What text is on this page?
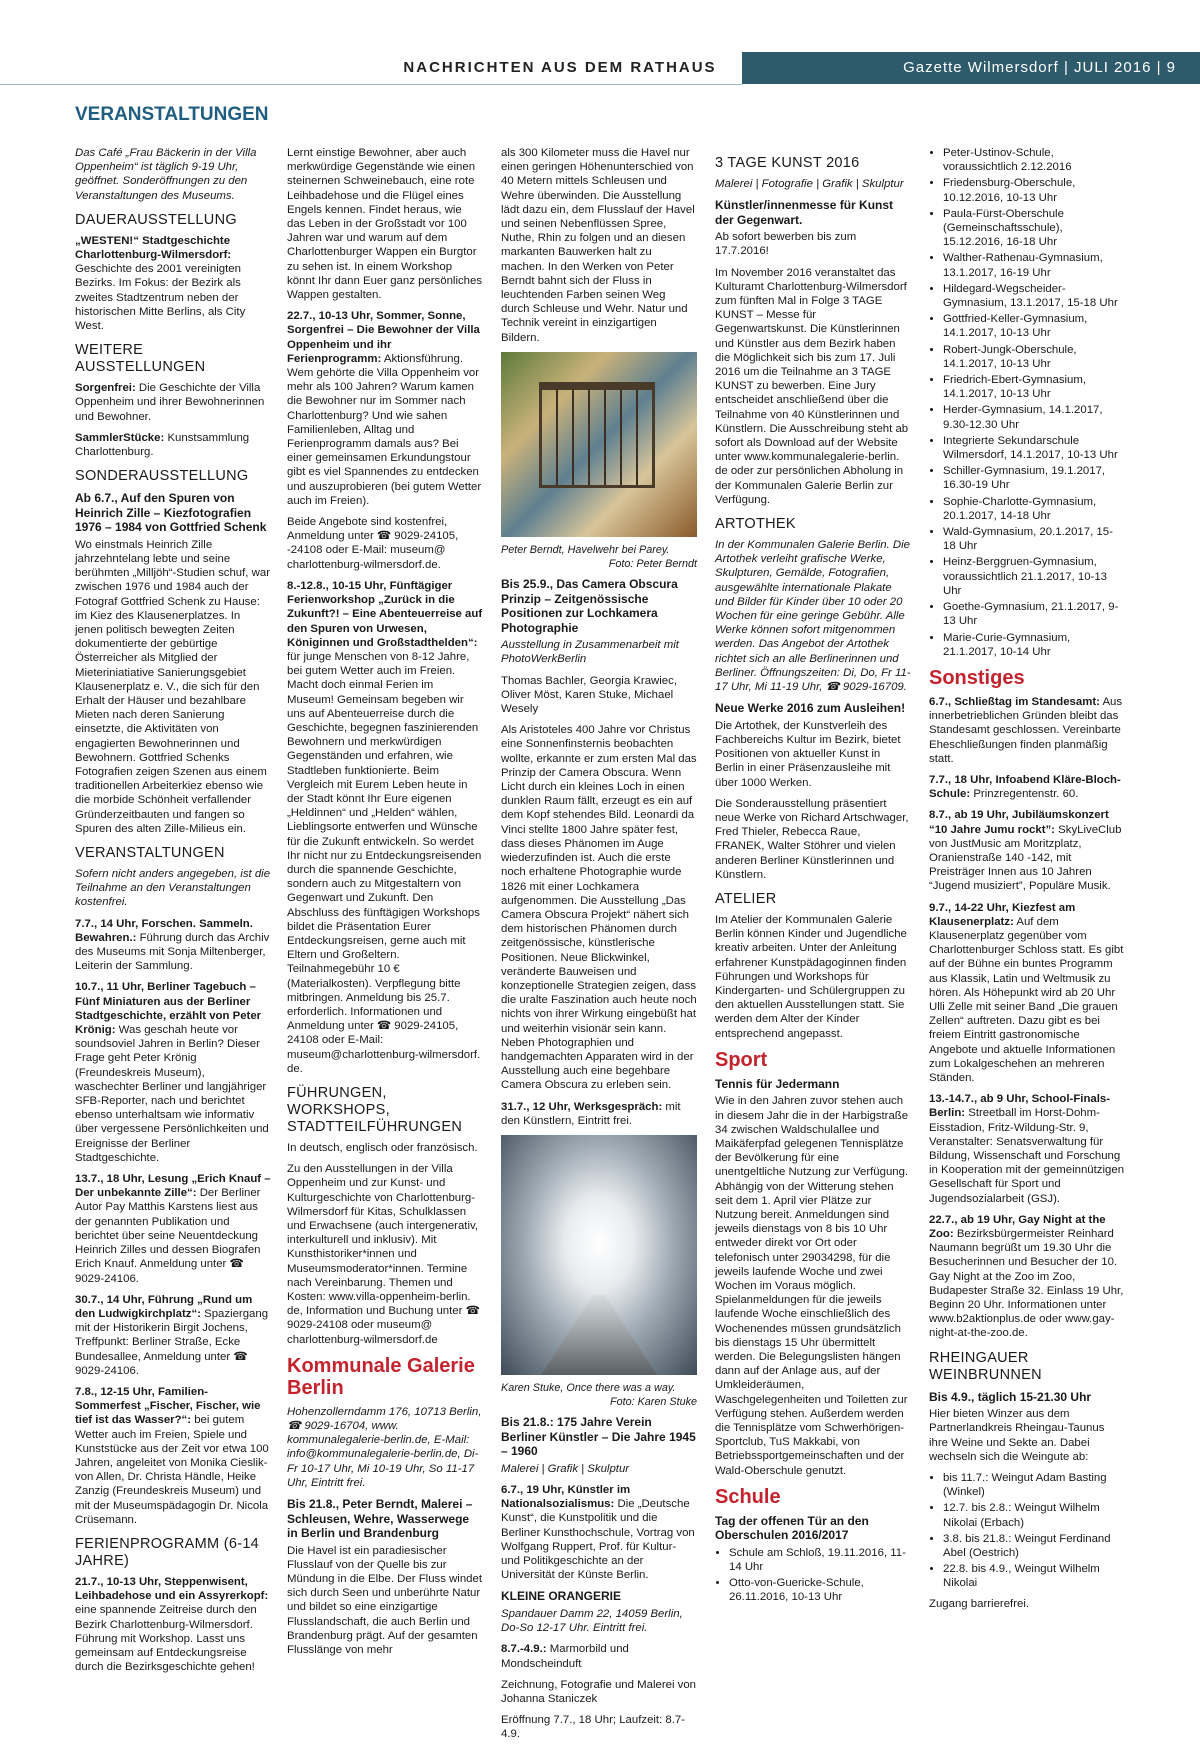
NACHRICHTEN AUS DEM RATHAUS	Gazette Wilmersdorf | JULI 2016 | 9
VERANSTALTUNGEN

Das Café „Frau Bäckerin in der Villa Oppenheim“ ist täglich 9-19 Uhr, geöffnet. Sonderöffnungen zu den Veranstaltungen des Museums.

DAUERAUSSTELLUNG

„WESTEN!“ Stadtgeschichte Charlottenburg-Wilmersdorf: Geschichte des 2001 vereinigten Bezirks. Im Fokus: der Bezirk als zweites Stadtzentrum neben der historischen Mitte Berlins, als City West.

WEITERE AUSSTELLUNGEN

Sorgenfrei: Die Geschichte der Villa Oppenheim und ihrer Bewohnerinnen und Bewohner.

SammlerStücke: Kunstsammlung Charlottenburg.

SONDERAUSSTELLUNG
Ab 6.7., Auf den Spuren von Heinrich Zille – Kiezfotografien 1976 – 1984 von Gottfried Schenk

Wo einstmals Heinrich Zille jahrzehntelang lebte und seine berühmten „Milljöh“-Studien schuf, war zwischen 1976 und 1984 auch der Fotograf Gottfried Schenk zu Hause: im Kiez des Klausenerplatzes. In jenen politisch bewegten Zeiten dokumentierte der gebürtige Österreicher als Mitglied der Mieteriniatiative Sanierungsgebiet Klausenerplatz e. V., die sich für den Erhalt der Häuser und bezahlbare Mieten nach deren Sanierung einsetzte, die Aktivitäten von engagierten Bewohnerinnen und Bewohnern. Gottfried Schenks Fotografien zeigen Szenen aus einem traditionellen Arbeiterkiez ebenso wie die morbide Schönheit verfallender Gründerzeitbauten und fangen so Spuren des alten Zille-Milieus ein.

VERANSTALTUNGEN

Sofern nicht anders angegeben, ist die Teilnahme an den Veranstaltungen kostenfrei.

7.7., 14 Uhr, Forschen. Sammeln. Bewahren.: Führung durch das Archiv des Museums mit Sonja Miltenberger, Leiterin der Sammlung.

10.7., 11 Uhr, Berliner Tagebuch – Fünf Miniaturen aus der Berliner Stadtgeschichte, erzählt von Peter Krönig: Was geschah heute vor soundsoviel Jahren in Berlin? Dieser Frage geht Peter Krönig (Freundeskreis Museum), waschechter Berliner und langjähriger SFB-Reporter, nach und berichtet ebenso unterhaltsam wie informativ über vergessene Persönlichkeiten und Ereignisse der Berliner Stadtgeschichte.

13.7., 18 Uhr, Lesung „Erich Knauf – Der unbekannte Zille“: Der Berliner Autor Pay Matthis Karstens liest aus der genannten Publikation und berichtet über seine Neuentdeckung Heinrich Zilles und dessen Biografen Erich Knauf. Anmeldung unter ☎ 9029-24106.

30.7., 14 Uhr, Führung „Rund um den Ludwigkirchplatz“: Spaziergang mit der Historikerin Birgit Jochens, Treffpunkt: Berliner Straße, Ecke Bundesallee, Anmeldung unter ☎ 9029-24106.

7.8., 12-15 Uhr, Familien-Sommerfest „Fischer, Fischer, wie tief ist das Wasser?“: bei gutem Wetter auch im Freien, Spiele und Kunststücke aus der Zeit vor etwa 100 Jahren, angeleitet von Monika Cieslik-von Allen, Dr. Christa Händle, Heike Zanzig (Freundeskreis Museum) und mit der Museumspädagogin Dr. Nicola Crüsemann.

FERIENPROGRAMM (6-14 JAHRE)

21.7., 10-13 Uhr, Steppenwisent, Leihbadehose und ein Assyrerkopf: eine spannende Zeitreise durch den Bezirk Charlottenburg-Wilmersdorf. Führung mit Workshop. Lasst uns gemeinsam auf Entdeckungsreise durch die Bezirksgeschichte gehen!

Lernt einstige Bewohner, aber auch merkwürdige Gegenstände wie einen steinernen Schweinebauch, eine rote Leihbadehose und die Flügel eines Engels kennen. Findet heraus, wie das Leben in der Großstadt vor 100 Jahren war und warum auf dem Charlottenburger Wappen ein Burgtor zu sehen ist. In einem Workshop könnt Ihr dann Euer ganz persönliches Wappen gestalten.

22.7., 10-13 Uhr, Sommer, Sonne, Sorgenfrei – Die Bewohner der Villa Oppenheim und ihr Ferienprogramm: Aktionsführung. Wem gehörte die Villa Oppenheim vor mehr als 100 Jahren? Warum kamen die Bewohner nur im Sommer nach Charlottenburg? Und wie sahen Familienleben, Alltag und Ferienprogramm damals aus? Bei einer gemeinsamen Erkundungstour gibt es viel Spannendes zu entdecken und auszuprobieren (bei gutem Wetter auch im Freien).

Beide Angebote sind kostenfrei, Anmeldung unter ☎ 9029-24105, -24108 oder E-Mail: museum@ charlottenburg-wilmersdorf.de.

8.-12.8., 10-15 Uhr, Fünftägiger Ferienworkshop „Zurück in die Zukunft?! – Eine Abenteuerreise auf den Spuren von Urwesen, Königinnen und Großstadthelden“: für junge Menschen von 8-12 Jahre, bei gutem Wetter auch im Freien. Macht doch einmal Ferien im Museum! Gemeinsam begeben wir uns auf Abenteuerreise durch die Geschichte, begegnen faszinierenden Bewohnern und merkwürdigen Gegenständen und erfahren, wie Stadtleben funktionierte. Beim Vergleich mit Eurem Leben heute in der Stadt könnt Ihr Eure eigenen „Heldinnen“ und „Helden“ wählen, Lieblingsorte entwerfen und Wünsche für die Zukunft entwickeln. So werdet Ihr nicht nur zu Entdeckungsreisenden durch die spannende Geschichte, sondern auch zu Mitgestaltern von Gegenwart und Zukunft. Den Abschluss des fünftägigen Workshops bildet die Präsentation Eurer Entdeckungsreisen, gerne auch mit Eltern und Großeltern. Teilnahmegebühr 10 € (Materialkosten). Verpflegung bitte mitbringen. Anmeldung bis 25.7. erforderlich. Informationen und Anmeldung unter ☎ 9029-24105, 24108 oder E-Mail: museum@charlottenburg-wilmersdorf. de.

FÜHRUNGEN, WORKSHOPS, STADTTEILFÜHRUNGEN

In deutsch, englisch oder französisch.

Zu den Ausstellungen in der Villa Oppenheim und zur Kunst- und Kulturgeschichte von Charlottenburg-Wilmersdorf für Kitas, Schulklassen und Erwachsene (auch intergenerativ, interkulturell und inklusiv). Mit Kunsthistoriker*innen und Museumsmoderator*innen. Termine nach Vereinbarung. Themen und Kosten: www.villa-oppenheim-berlin. de, Information und Buchung unter ☎ 9029-24108 oder museum@ charlottenburg-wilmersdorf.de

Kommunale Galerie Berlin

Hohenzollerndamm 176, 10713 Berlin, ☎ 9029-16704, www. kommunalegalerie-berlin.de, E-Mail: info@kommunalegalerie-berlin.de, Di-Fr 10-17 Uhr, Mi 10-19 Uhr, So 11-17 Uhr, Eintritt frei.

Bis 21.8., Peter Berndt, Malerei – Schleusen, Wehre, Wasserwege in Berlin und Brandenburg

Die Havel ist ein paradiesischer Flusslauf von der Quelle bis zur Mündung in die Elbe. Der Fluss windet sich durch Seen und unberührte Natur und bildet so eine einzigartige Flusslandschaft, die auch Berlin und Brandenburg prägt. Auf der gesamten Flusslänge von mehr

als 300 Kilometer muss die Havel nur einen geringen Höhenunterschied von 40 Metern mittels Schleusen und Wehre überwinden. Die Ausstellung lädt dazu ein, dem Flusslauf der Havel und seinen Nebenflüssen Spree, Nuthe, Rhin zu folgen und an diesen markanten Bauwerken halt zu machen. In den Werken von Peter Berndt bahnt sich der Fluss in leuchtenden Farben seinen Weg durch Schleuse und Wehr. Natur und Technik vereint in einzigartigen Bildern.

Peter Berndt, Havelwehr bei Parey.
Foto: Peter Berndt
Bis 25.9., Das Camera Obscura Prinzip – Zeitgenössische Positionen zur Lochkamera Photographie

Ausstellung in Zusammenarbeit mit PhotoWerkBerlin

Thomas Bachler, Georgia Krawiec, Oliver Möst, Karen Stuke, Michael Wesely

Als Aristoteles 400 Jahre vor Christus eine Sonnenfinsternis beobachten wollte, erkannte er zum ersten Mal das Prinzip der Camera Obscura. Wenn Licht durch ein kleines Loch in einen dunklen Raum fällt, erzeugt es ein auf dem Kopf stehendes Bild. Leonardi da Vinci stellte 1800 Jahre später fest, dass dieses Phänomen im Auge wiederzufinden ist. Auch die erste noch erhaltene Photographie wurde 1826 mit einer Lochkamera aufgenommen. Die Ausstellung „Das Camera Obscura Projekt“ nähert sich dem historischen Phänomen durch zeitgenössische, künstlerische Positionen. Neue Blickwinkel, veränderte Bauweisen und konzeptionelle Strategien zeigen, dass die uralte Faszination auch heute noch nichts von ihrer Wirkung eingebüßt hat und weiterhin visionär sein kann. Neben Photographien und handgemachten Apparaten wird in der Ausstellung auch eine begehbare Camera Obscura zu erleben sein.

31.7., 12 Uhr, Werksgespräch: mit den Künstlern, Eintritt frei.

Karen Stuke, Once there was a way.
Foto: Karen Stuke
Bis 21.8.: 175 Jahre Verein Berliner Künstler – Die Jahre 1945 – 1960

Malerei | Grafik | Skulptur

6.7., 19 Uhr, Künstler im Nationalsozialismus: Die „Deutsche Kunst“, die Kunstpolitik und die Berliner Kunsthochschule, Vortrag von Wolfgang Ruppert, Prof. für Kultur- und Politikgeschichte an der Universität der Künste Berlin.

KLEINE ORANGERIE

Spandauer Damm 22, 14059 Berlin, Do-So 12-17 Uhr. Eintritt frei.

8.7.-4.9.: Marmorbild und Mondscheinduft

Zeichnung, Fotografie und Malerei von Johanna Staniczek

Eröffnung 7.7., 18 Uhr; Laufzeit: 8.7-4.9.

3 TAGE KUNST 2016

Malerei | Fotografie | Grafik | Skulptur

Künstler/innenmesse für Kunst der Gegenwart.

Ab sofort bewerben bis zum 17.7.2016!

Im November 2016 veranstaltet das Kulturamt Charlottenburg-Wilmersdorf zum fünften Mal in Folge 3 TAGE KUNST – Messe für Gegenwartskunst. Die Künstlerinnen und Künstler aus dem Bezirk haben die Möglichkeit sich bis zum 17. Juli 2016 um die Teilnahme an 3 TAGE KUNST zu bewerben. Eine Jury entscheidet anschließend über die Teilnahme von 40 Künstlerinnen und Künstlern. Die Ausschreibung steht ab sofort als Download auf der Website unter www.kommunalegalerie-berlin. de oder zur persönlichen Abholung in der Kommunalen Galerie Berlin zur Verfügung.

ARTOTHEK

In der Kommunalen Galerie Berlin. Die Artothek verleiht grafische Werke, Skulpturen, Gemälde, Fotografien, ausgewählte internationale Plakate und Bilder für Kinder über 10 oder 20 Wochen für eine geringe Gebühr. Alle Werke können sofort mitgenommen werden. Das Angebot der Artothek richtet sich an alle Berlinerinnen und Berliner. Öffnungszeiten: Di, Do, Fr 11-17 Uhr, Mi 11-19 Uhr, ☎ 9029-16709.

Neue Werke 2016 zum Ausleihen!

Die Artothek, der Kunstverleih des Fachbereichs Kultur im Bezirk, bietet Positionen von aktueller Kunst in Berlin in einer Präsenzausleihe mit über 1000 Werken.

Die Sonderausstellung präsentiert neue Werke von Richard Artschwager, Fred Thieler, Rebecca Raue, FRANEK, Walter Stöhrer und vielen anderen Berliner Künstlerinnen und Künstlern.

ATELIER

Im Atelier der Kommunalen Galerie Berlin können Kinder und Jugendliche kreativ arbeiten. Unter der Anleitung erfahrener Kunstpädagoginnen finden Führungen und Workshops für Kindergarten- und Schülergruppen zu den aktuellen Ausstellungen statt. Sie werden dem Alter der Kinder entsprechend angepasst.

Sport
Tennis für Jedermann

Wie in den Jahren zuvor stehen auch in diesem Jahr die in der Harbigstraße 34 zwischen Waldschulallee und Maikäferpfad gelegenen Tennisplätze der Bevölkerung für eine unentgeltliche Nutzung zur Verfügung. Abhängig von der Witterung stehen seit dem 1. April vier Plätze zur Nutzung bereit. Anmeldungen sind jeweils dienstags von 8 bis 10 Uhr entweder direkt vor Ort oder telefonisch unter 29034298, für die jeweils laufende Woche und zwei Wochen im Voraus möglich. Spielanmeldungen für die jeweils laufende Woche einschließlich des Wochenendes müssen grundsätzlich bis dienstags 15 Uhr übermittelt werden. Die Belegungslisten hängen dann auf der Anlage aus, auf der Umkleideräumen, Waschgelegenheiten und Toiletten zur Verfügung stehen. Außerdem werden die Tennisplätze vom Schwerhörigen-Sportclub, TuS Makkabi, von Betriebssportgemeinschaften und der Wald-Oberschule genutzt.

Schule
Tag der offenen Tür an den Oberschulen 2016/2017
• Schule am Schloß, 19.11.2016, 11-14 Uhr
• Otto-von-Guericke-Schule, 26.11.2016, 10-13 Uhr
• Peter-Ustinov-Schule, voraussichtlich 2.12.2016
• Friedensburg-Oberschule, 10.12.2016, 10-13 Uhr
• Paula-Fürst-Oberschule (Gemeinschaftsschule), 15.12.2016, 16-18 Uhr
• Walther-Rathenau-Gymnasium, 13.1.2017, 16-19 Uhr
• Hildegard-Wegscheider-Gymnasium, 13.1.2017, 15-18 Uhr
• Gottfried-Keller-Gymnasium, 14.1.2017, 10-13 Uhr
• Robert-Jungk-Oberschule, 14.1.2017, 10-13 Uhr
• Friedrich-Ebert-Gymnasium, 14.1.2017, 10-13 Uhr
• Herder-Gymnasium, 14.1.2017, 9.30-12.30 Uhr
• Integrierte Sekundarschule Wilmersdorf, 14.1.2017, 10-13 Uhr
• Schiller-Gymnasium, 19.1.2017, 16.30-19 Uhr
• Sophie-Charlotte-Gymnasium, 20.1.2017, 14-18 Uhr
• Wald-Gymnasium, 20.1.2017, 15-18 Uhr
• Heinz-Berggruen-Gymnasium, voraussichtlich 21.1.2017, 10-13 Uhr
• Goethe-Gymnasium, 21.1.2017, 9-13 Uhr
• Marie-Curie-Gymnasium, 21.1.2017, 10-14 Uhr
Sonstiges

6.7., Schließtag im Standesamt: Aus innerbetrieblichen Gründen bleibt das Standesamt geschlossen. Vereinbarte Eheschließungen finden planmäßig statt.

7.7., 18 Uhr, Infoabend Kläre-Bloch-Schule: Prinzregentenstr. 60.

8.7., ab 19 Uhr, Jubiläumskonzert “10 Jahre Jumu rockt”: SkyLiveClub von JustMusic am Moritzplatz, Oranienstraße 140 -142, mit Preisträger Innen aus 10 Jahren “Jugend musiziert”, Populäre Musik.

9.7., 14-22 Uhr, Kiezfest am Klausenerplatz: Auf dem Klausenerplatz gegenüber vom Charlottenburger Schloss statt. Es gibt auf der Bühne ein buntes Programm aus Klassik, Latin und Weltmusik zu hören. Als Höhepunkt wird ab 20 Uhr Ulli Zelle mit seiner Band „Die grauen Zellen“ auftreten. Dazu gibt es bei freiem Eintritt gastronomische Angebote und aktuelle Informationen zum Lokalgeschehen an mehreren Ständen.

13.-14.7., ab 9 Uhr, School-Finals-Berlin: Streetball im Horst-Dohm-Eisstadion, Fritz-Wildung-Str. 9, Veranstalter: Senatsverwaltung für Bildung, Wissenschaft und Forschung in Kooperation mit der gemeinnützigen Gesellschaft für Sport und Jugendsozialarbeit (GSJ).

22.7., ab 19 Uhr, Gay Night at the Zoo: Bezirksbürgermeister Reinhard Naumann begrüßt um 19.30 Uhr die Besucherinnen und Besucher der 10. Gay Night at the Zoo im Zoo, Budapester Straße 32. Einlass 19 Uhr, Beginn 20 Uhr. Informationen unter www.b2aktionplus.de oder www.gay-night-at-the-zoo.de.

RHEINGAUER WEINBRUNNEN
Bis 4.9., täglich 15-21.30 Uhr

Hier bieten Winzer aus dem Partnerlandkreis Rheingau-Taunus ihre Weine und Sekte an. Dabei wechseln sich die Weingute ab:

• bis 11.7.: Weingut Adam Basting (Winkel)
• 12.7. bis 2.8.: Weingut Wilhelm Nikolai (Erbach)
• 3.8. bis 21.8.: Weingut Ferdinand Abel (Oestrich)
• 22.8. bis 4.9., Weingut Wilhelm Nikolai

Zugang barrierefrei.
